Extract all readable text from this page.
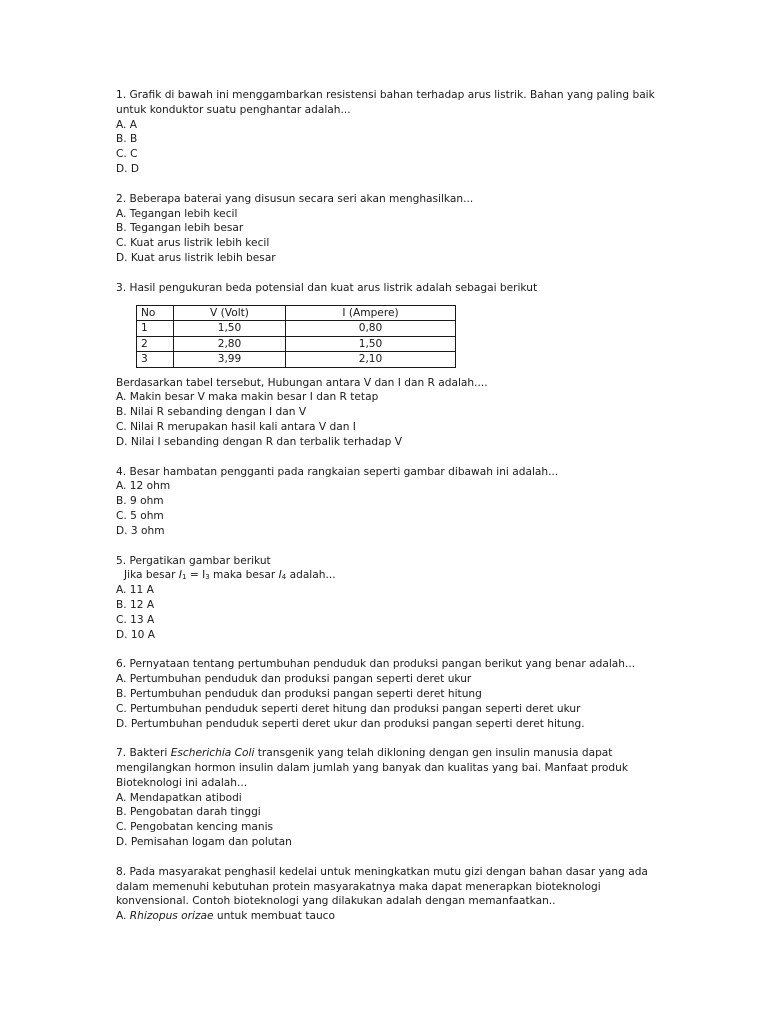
1. Grafik di bawah ini menggambarkan resistensi bahan terhadap arus listrik. Bahan yang paling baik
untuk konduktor suatu penghantar adalah...
A. A
B. B
C. C
D. D
2. Beberapa baterai yang disusun secara seri akan menghasilkan...
A. Tegangan lebih kecil
B. Tegangan lebih besar
C. Kuat arus listrik lebih kecil
D. Kuat arus listrik lebih besar
3. Hasil pengukuran beda potensial dan kuat arus listrik adalah sebagai berikut
No	V (Volt)	I (Ampere)
1	1,50	0,80
2	2,80	1,50
3	3,99	2,10
Berdasarkan tabel tersebut, Hubungan antara V dan I dan R adalah....
A. Makin besar V maka makin besar I dan R tetap
B. Nilai R sebanding dengan I dan V
C. Nilai R merupakan hasil kali antara V dan I
D. Nilai I sebanding dengan R dan terbalik terhadap V
4. Besar hambatan pengganti pada rangkaian seperti gambar dibawah ini adalah...
A. 12 ohm
B. 9 ohm
C. 5 ohm
D. 3 ohm
5. Pergatikan gambar berikut
Jika besar $I_1 = I_3$ maka besar $I_4$ adalah...
A. 11 A
B. 12 A
C. 13 A
D. 10 A
6. Pernyataan tentang pertumbuhan penduduk dan produksi pangan berikut yang benar adalah...
A. Pertumbuhan penduduk dan produksi pangan seperti deret ukur
B. Pertumbuhan penduduk dan produksi pangan seperti deret hitung
C. Pertumbuhan penduduk seperti deret hitung dan produksi pangan seperti deret ukur
D. Pertumbuhan penduduk seperti deret ukur dan produksi pangan seperti deret hitung.
7. Bakteri Escherichia Coli transgenik yang telah dikloning dengan gen insulin manusia dapat
mengilangkan hormon insulin dalam jumlah yang banyak dan kualitas yang bai. Manfaat produk
Bioteknologi ini adalah...
A. Mendapatkan atibodi
B. Pengobatan darah tinggi
C. Pengobatan kencing manis
D. Pemisahan logam dan polutan
8. Pada masyarakat penghasil kedelai untuk meningkatkan mutu gizi dengan bahan dasar yang ada
dalam memenuhi kebutuhan protein masyarakatnya maka dapat menerapkan bioteknologi
konvensional. Contoh bioteknologi yang dilakukan adalah dengan memanfaatkan..
A. Rhizopus orizae untuk membuat tauco
